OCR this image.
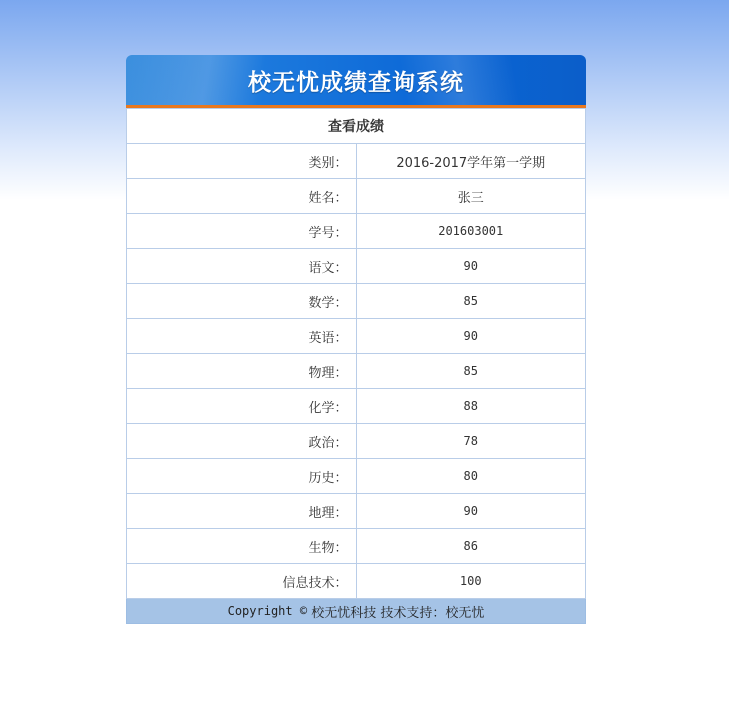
校无忧成绩查询系统
查看成绩	
类别：	2016-2017学年第一学期
姓名：	张三
学号：	201603001
语文：	90
数学：	85
英语：	90
物理：	85
化学：	88
政治：	78
历史：	80
地理：	90
生物：	86
信息技术：	100
Copyright ©
校无忧科技 技术支持：校无忧
